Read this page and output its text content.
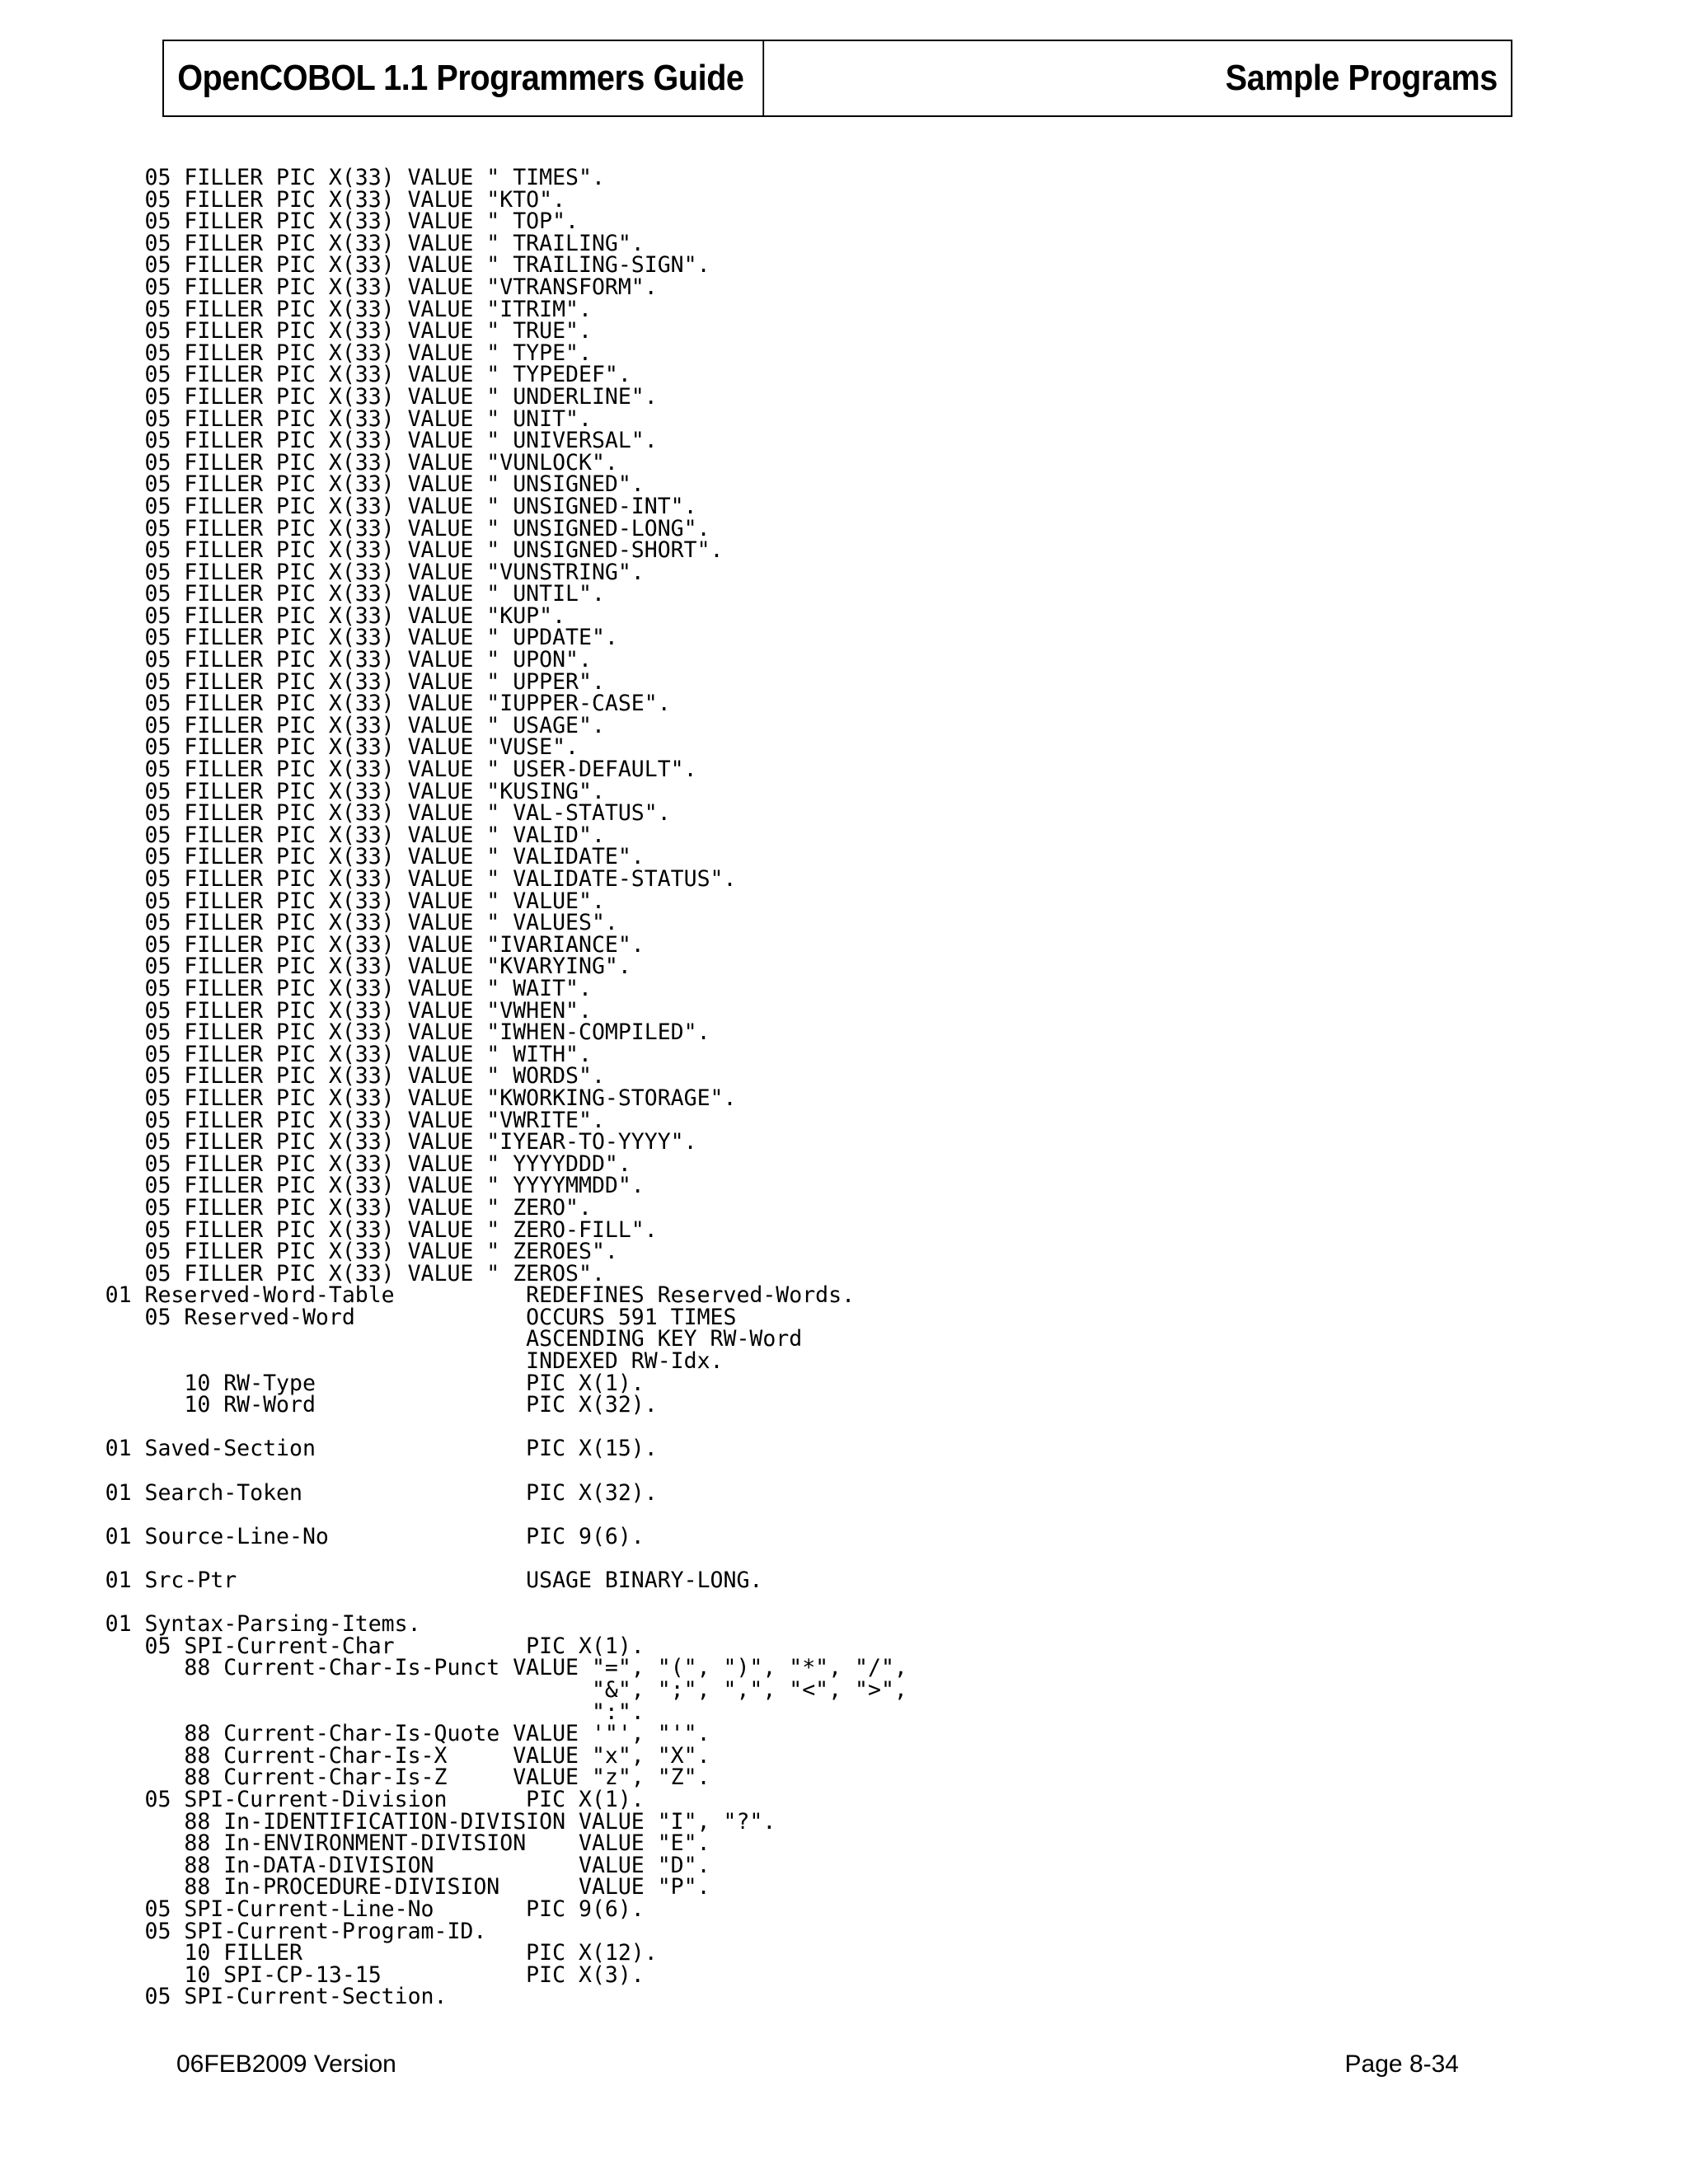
OpenCOBOL 1.1 Programmers Guide	Sample Programs
05 FILLER PIC X(33) VALUE " TIMES".
05 FILLER PIC X(33) VALUE "KTO".
05 FILLER PIC X(33) VALUE " TOP".
05 FILLER PIC X(33) VALUE " TRAILING".
05 FILLER PIC X(33) VALUE " TRAILING-SIGN".
05 FILLER PIC X(33) VALUE "VTRANSFORM".
05 FILLER PIC X(33) VALUE "ITRIM".
05 FILLER PIC X(33) VALUE " TRUE".
05 FILLER PIC X(33) VALUE " TYPE".
05 FILLER PIC X(33) VALUE " TYPEDEF".
05 FILLER PIC X(33) VALUE " UNDERLINE".
05 FILLER PIC X(33) VALUE " UNIT".
05 FILLER PIC X(33) VALUE " UNIVERSAL".
05 FILLER PIC X(33) VALUE "VUNLOCK".
05 FILLER PIC X(33) VALUE " UNSIGNED".
05 FILLER PIC X(33) VALUE " UNSIGNED-INT".
05 FILLER PIC X(33) VALUE " UNSIGNED-LONG".
05 FILLER PIC X(33) VALUE " UNSIGNED-SHORT".
05 FILLER PIC X(33) VALUE "VUNSTRING".
05 FILLER PIC X(33) VALUE " UNTIL".
05 FILLER PIC X(33) VALUE "KUP".
05 FILLER PIC X(33) VALUE " UPDATE".
05 FILLER PIC X(33) VALUE " UPON".
05 FILLER PIC X(33) VALUE " UPPER".
05 FILLER PIC X(33) VALUE "IUPPER-CASE".
05 FILLER PIC X(33) VALUE " USAGE".
05 FILLER PIC X(33) VALUE "VUSE".
05 FILLER PIC X(33) VALUE " USER-DEFAULT".
05 FILLER PIC X(33) VALUE "KUSING".
05 FILLER PIC X(33) VALUE " VAL-STATUS".
05 FILLER PIC X(33) VALUE " VALID".
05 FILLER PIC X(33) VALUE " VALIDATE".
05 FILLER PIC X(33) VALUE " VALIDATE-STATUS".
05 FILLER PIC X(33) VALUE " VALUE".
05 FILLER PIC X(33) VALUE " VALUES".
05 FILLER PIC X(33) VALUE "IVARIANCE".
05 FILLER PIC X(33) VALUE "KVARYING".
05 FILLER PIC X(33) VALUE " WAIT".
05 FILLER PIC X(33) VALUE "VWHEN".
05 FILLER PIC X(33) VALUE "IWHEN-COMPILED".
05 FILLER PIC X(33) VALUE " WITH".
05 FILLER PIC X(33) VALUE " WORDS".
05 FILLER PIC X(33) VALUE "KWORKING-STORAGE".
05 FILLER PIC X(33) VALUE "VWRITE".
05 FILLER PIC X(33) VALUE "IYEAR-TO-YYYY".
05 FILLER PIC X(33) VALUE " YYYYDDD".
05 FILLER PIC X(33) VALUE " YYYYMMDD".
05 FILLER PIC X(33) VALUE " ZERO".
05 FILLER PIC X(33) VALUE " ZERO-FILL".
05 FILLER PIC X(33) VALUE " ZEROES".
05 FILLER PIC X(33) VALUE " ZEROS".
01 Reserved-Word-Table          REDEFINES Reserved-Words.
05 Reserved-Word             OCCURS 591 TIMES
ASCENDING KEY RW-Word
INDEXED RW-Idx.
10 RW-Type                PIC X(1).
10 RW-Word                PIC X(32).
01 Saved-Section                PIC X(15).
01 Search-Token                 PIC X(32).
01 Source-Line-No               PIC 9(6).
01 Src-Ptr                      USAGE BINARY-LONG.
01 Syntax-Parsing-Items.
05 SPI-Current-Char          PIC X(1).
88 Current-Char-Is-Punct VALUE "=", "(", ")", "*", "/",
"&", ";", ",", "<", ">",
":".
88 Current-Char-Is-Quote VALUE '"', "'".
88 Current-Char-Is-X     VALUE "x", "X".
88 Current-Char-Is-Z     VALUE "z", "Z".
05 SPI-Current-Division      PIC X(1).
88 In-IDENTIFICATION-DIVISION VALUE "I", "?".
88 In-ENVIRONMENT-DIVISION    VALUE "E".
88 In-DATA-DIVISION           VALUE "D".
88 In-PROCEDURE-DIVISION      VALUE "P".
05 SPI-Current-Line-No       PIC 9(6).
05 SPI-Current-Program-ID.
10 FILLER                 PIC X(12).
10 SPI-CP-13-15           PIC X(3).
05 SPI-Current-Section.
06FEB2009 Version	Page 8-34
